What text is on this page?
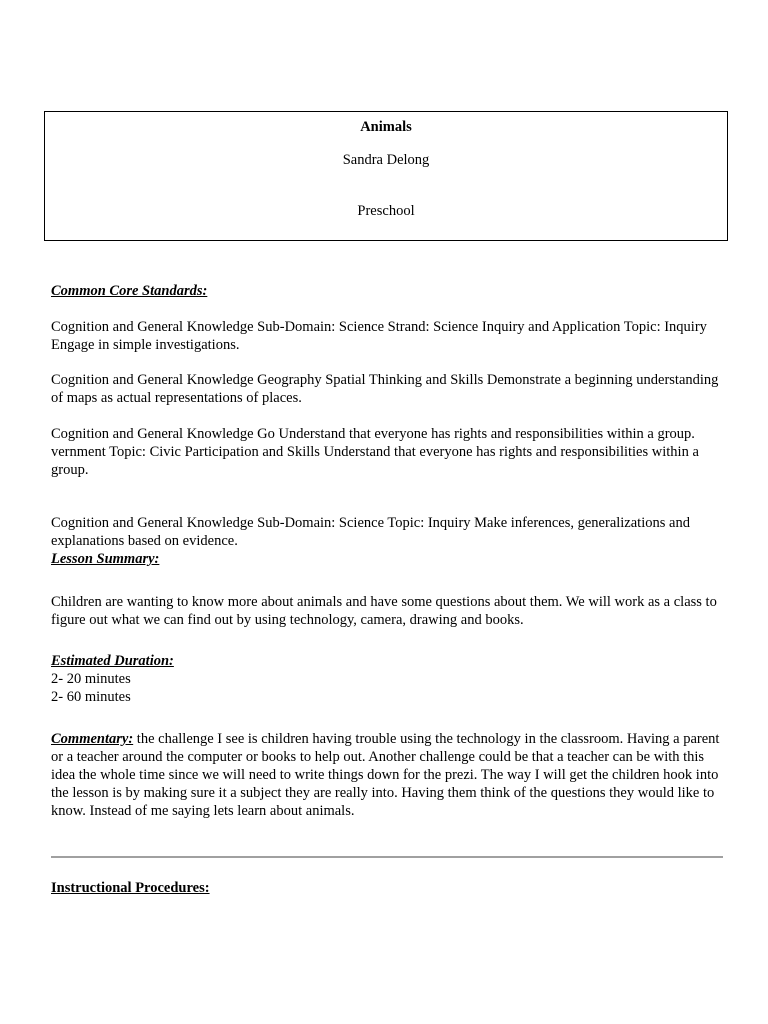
Animals
Sandra Delong
Preschool

Common Core Standards:

Cognition and General Knowledge Sub-Domain: Science Strand: Science Inquiry and Application Topic: Inquiry Engage in simple investigations.

Cognition and General Knowledge Geography Spatial Thinking and Skills Demonstrate a beginning understanding of maps as actual representations of places.

Cognition and General Knowledge Go Understand that everyone has rights and responsibilities within a group. vernment Topic: Civic Participation and Skills Understand that everyone has rights and responsibilities within a group.

Cognition and General Knowledge Sub-Domain: Science Topic: Inquiry Make inferences, generalizations and explanations based on evidence.

Lesson Summary:

Children are wanting to know more about animals and have some questions about them. We will work as a class to figure out what we can find out by using technology, camera, drawing and books.

Estimated Duration:

2- 20 minutes

2- 60 minutes

Commentary: the challenge I see is children having trouble using the technology in the classroom. Having a parent or a teacher around the computer or books to help out. Another challenge could be that a teacher can be with this idea the whole time since we will need to write things down for the prezi. The way I will get the children hook into the lesson is by making sure it a subject they are really into. Having them think of the questions they would like to know. Instead of me saying lets learn about animals.

Instructional Procedures:
